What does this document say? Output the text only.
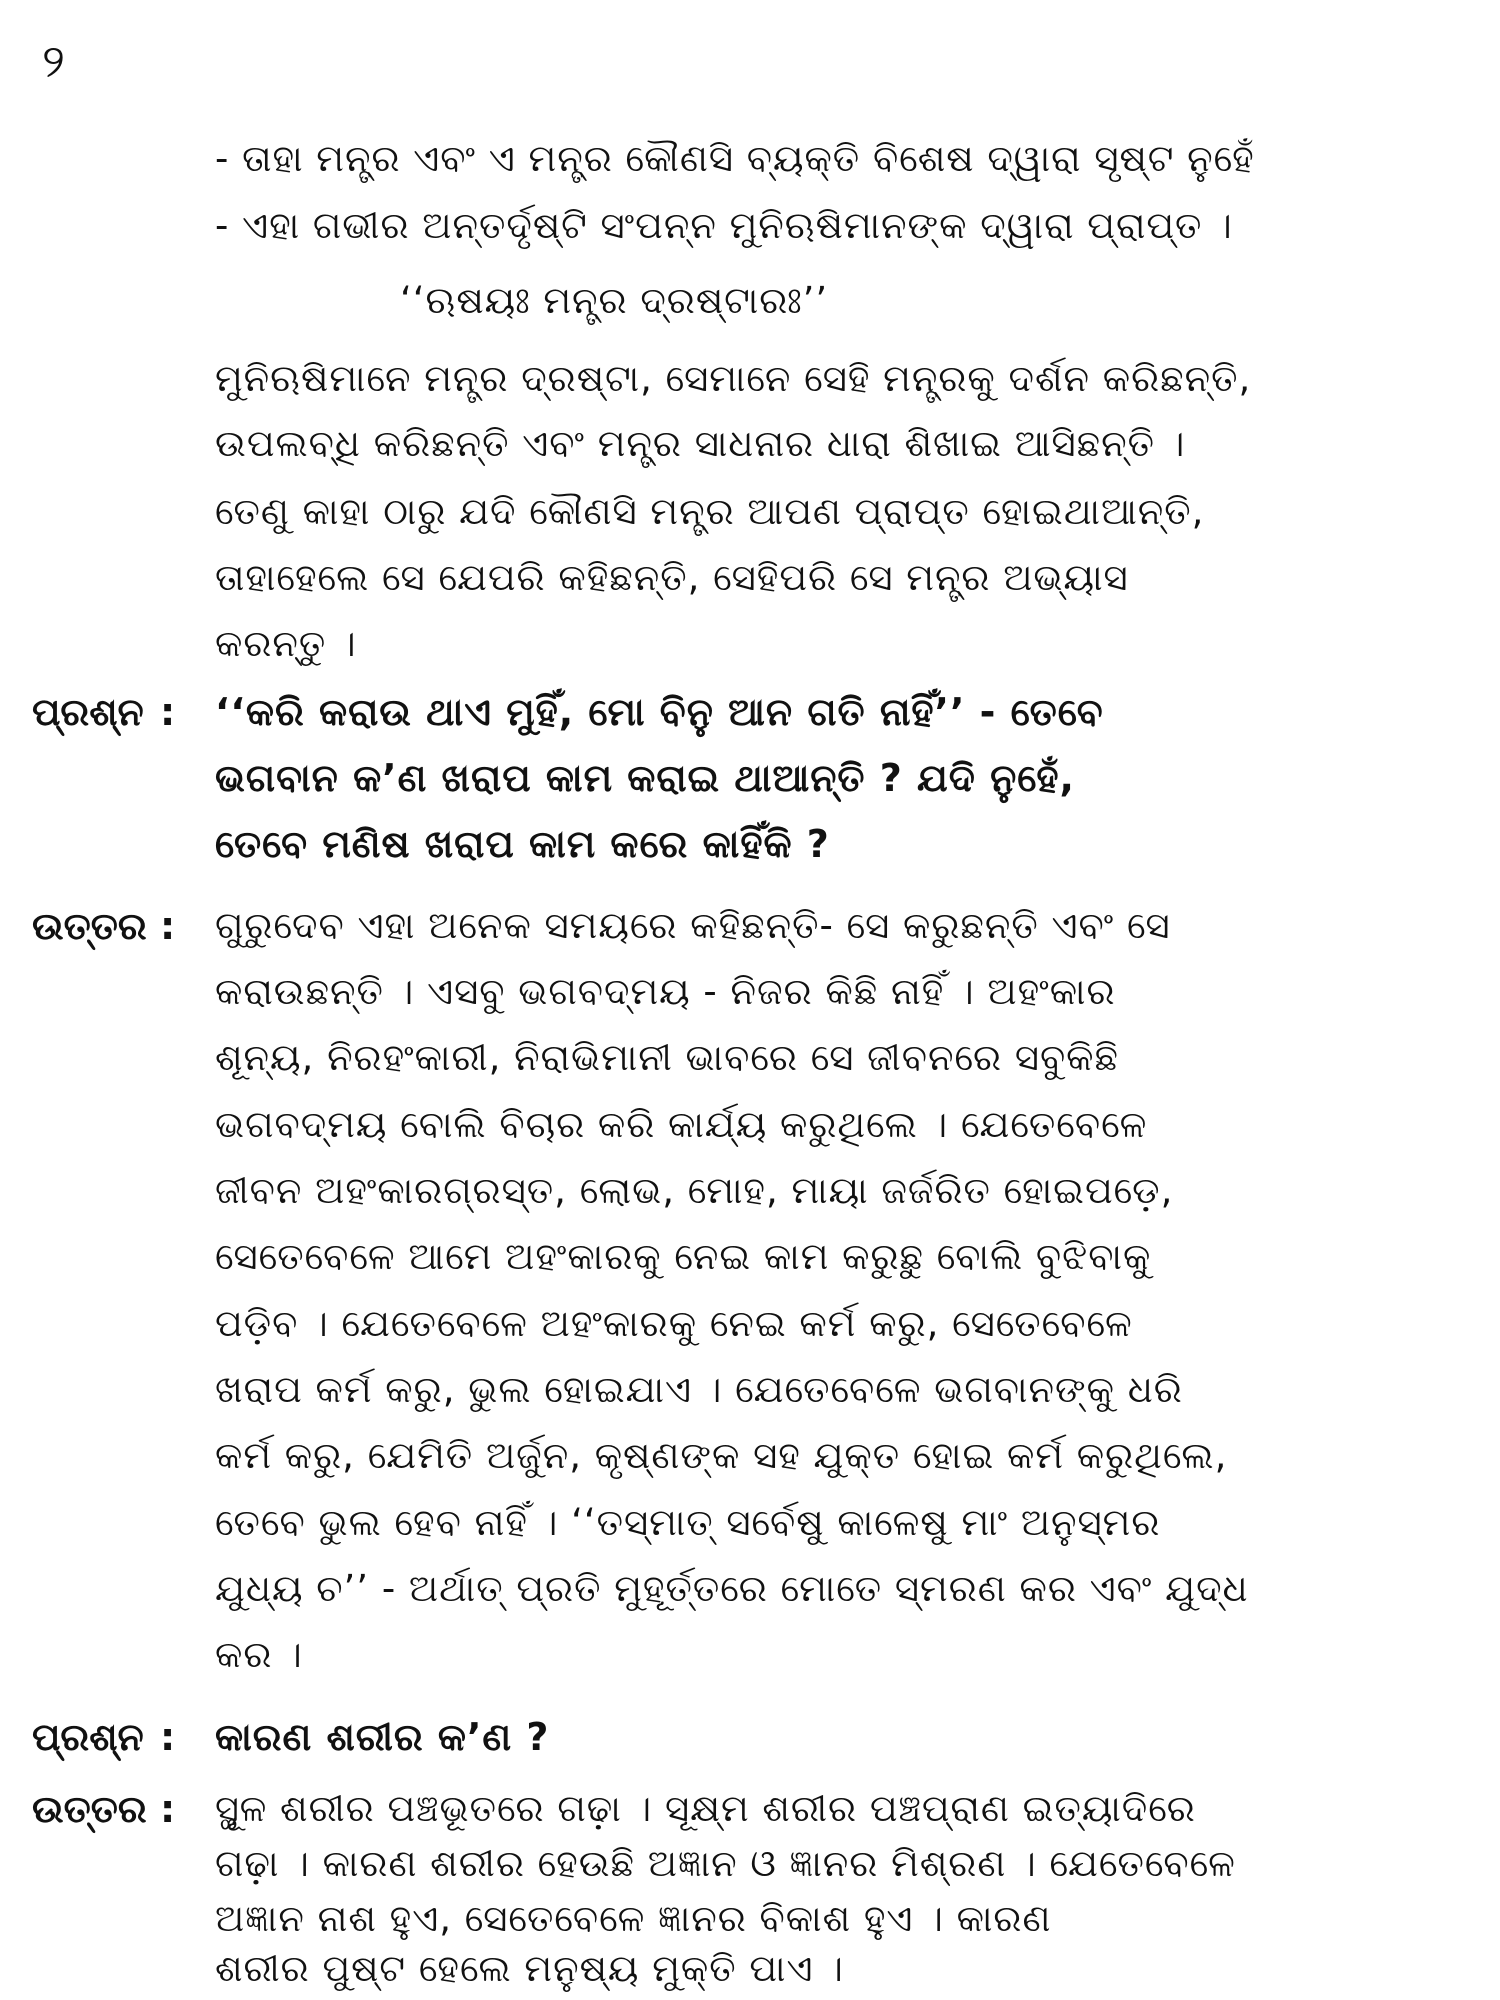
୨
- ତାହା ମନ୍ତ୍ର ଏବଂ ଏ ମନ୍ତ୍ର କୌଣସି ବ୍ୟକ୍ତି ବିଶେଷ ଦ୍ୱାରା ସୃଷ୍ଟ ନୁହେଁ
- ଏହା ଗଭୀର ଅନ୍ତର୍ଦୃଷ୍ଟି ସଂପନ୍ନ ମୁନିଋଷିମାନଙ୍କ ଦ୍ୱାରା ପ୍ରାପ୍ତ ।
‘‘ଋଷୟଃ ମନ୍ତ୍ର ଦ୍ରଷ୍ଟାରଃ’’
ମୁନିଋଷିମାନେ ମନ୍ତ୍ର ଦ୍ରଷ୍ଟା, ସେମାନେ ସେହି ମନ୍ତ୍ରକୁ ଦର୍ଶନ କରିଛନ୍ତି,
ଉପଲବ୍ଧି କରିଛନ୍ତି ଏବଂ ମନ୍ତ୍ର ସାଧନାର ଧାରା ଶିଖାଇ ଆସିଛନ୍ତି ।
ତେଣୁ କାହା ଠାରୁ ଯଦି କୌଣସି ମନ୍ତ୍ର ଆପଣ ପ୍ରାପ୍ତ ହୋଇଥାଆନ୍ତି,
ତାହାହେଲେ ସେ ଯେପରି କହିଛନ୍ତି, ସେହିପରି ସେ ମନ୍ତ୍ର ଅଭ୍ୟାସ
କରନ୍ତୁ ।
ପ୍ରଶ୍ନ : ‘‘କରି କରାଉ ଥାଏ ମୁହିଁ, ମୋ ବିନୁ ଆନ ଗତି ନାହିଁ’’ - ତେବେ
ଭଗବାନ କ’ଣ ଖରାପ କାମ କରାଇ ଥାଆନ୍ତି ? ଯଦି ନୁହେଁ,
ତେବେ ମଣିଷ ଖରାପ କାମ କରେ କାହିଁକି ?
ଉତ୍ତର : ଗୁରୁଦେବ ଏହା ଅନେକ ସମୟରେ କହିଛନ୍ତି- ସେ କରୁଛନ୍ତି ଏବଂ ସେ
କରାଉଛନ୍ତି । ଏସବୁ ଭଗବଦ୍‌ମୟ - ନିଜର କିଛି ନାହିଁ । ଅହଂକାର
ଶୂନ୍ୟ, ନିରହଂକାରୀ, ନିରାଭିମାନୀ ଭାବରେ ସେ ଜୀବନରେ ସବୁକିଛି
ଭଗବଦ୍‌ମୟ ବୋଲି ବିଚାର କରି କାର୍ଯ୍ୟ କରୁଥିଲେ । ଯେତେବେଳେ
ଜୀବନ ଅହଂକାରଗ୍ରସ୍ତ, ଲୋଭ, ମୋହ, ମାୟା ଜର୍ଜରିତ ହୋଇପଡ଼େ,
ସେତେବେଳେ ଆମେ ଅହଂକାରକୁ ନେଇ କାମ କରୁଛୁ ବୋଲି ବୁଝିବାକୁ
ପଡ଼ିବ । ଯେତେବେଳେ ଅହଂକାରକୁ ନେଇ କର୍ମ କରୁ, ସେତେବେଳେ
ଖରାପ କର୍ମ କରୁ, ଭୁଲ ହୋଇଯାଏ । ଯେତେବେଳେ ଭଗବାନଙ୍କୁ ଧରି
କର୍ମ କରୁ, ଯେମିତି ଅର୍ଜୁନ, କୃଷ୍ଣଙ୍କ ସହ ଯୁକ୍ତ ହୋଇ କର୍ମ କରୁଥିଲେ,
ତେବେ ଭୁଲ ହେବ ନାହିଁ । ‘‘ତସ୍ମାତ୍ ସର୍ବେଷୁ କାଳେଷୁ ମାଂ ଅନୁସ୍ମର
ଯୁଧ୍ୟ ଚ’’ - ଅର୍ଥାତ୍ ପ୍ରତି ମୁହୂର୍ତ୍ତରେ ମୋତେ ସ୍ମରଣ କର ଏବଂ ଯୁଦ୍ଧ
କର ।
ପ୍ରଶ୍ନ : କାରଣ ଶରୀର କ’ଣ ?
ଉତ୍ତର : ସ୍ଥୂଳ ଶରୀର ପଞ୍ଚଭୂତରେ ଗଢ଼ା । ସୂକ୍ଷ୍ମ ଶରୀର ପଞ୍ଚପ୍ରାଣ ଇତ୍ୟାଦିରେ
ଗଢ଼ା । କାରଣ ଶରୀର ହେଉଛି ଅଜ୍ଞାନ ଓ ଜ୍ଞାନର ମିଶ୍ରଣ । ଯେତେବେଳେ
ଅଜ୍ଞାନ ନାଶ ହୁଏ, ସେତେବେଳେ ଜ୍ଞାନର ବିକାଶ ହୁଏ । କାରଣ
ଶରୀର ପୁଷ୍ଟ ହେଲେ ମନୁଷ୍ୟ ମୁକ୍ତି ପାଏ ।
